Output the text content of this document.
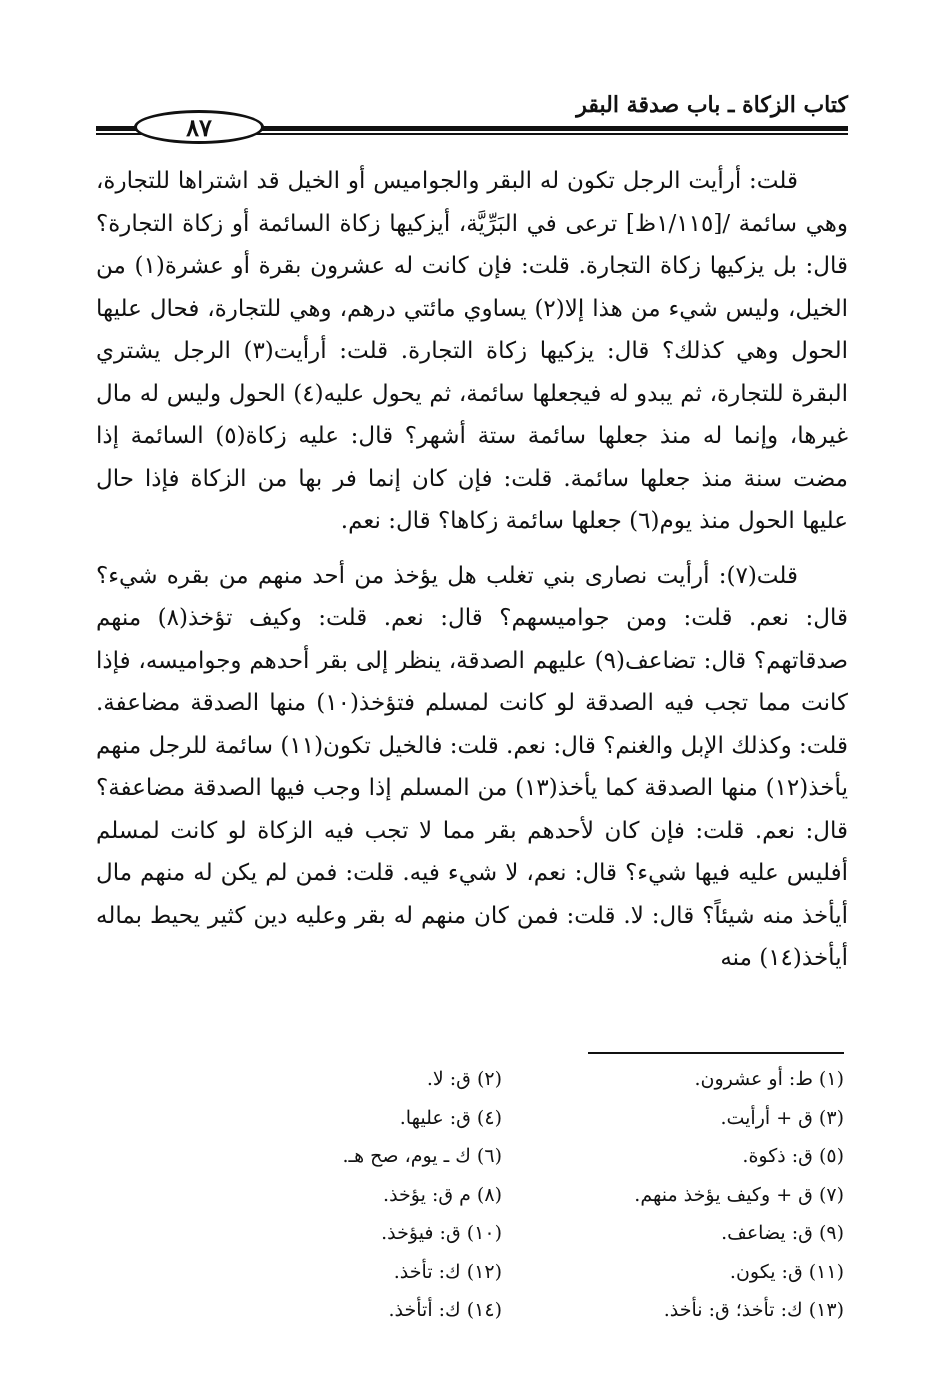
كتاب الزكاة ـ باب صدقة البقر
٨٧

قلت: أرأيت الرجل تكون له البقر والجواميس أو الخيل قد اشتراها للتجارة، وهي سائمة /[١/١١٥ظ] ترعى في البَرِّيَّة، أيزكيها زكاة السائمة أو زكاة التجارة؟ قال: بل يزكيها زكاة التجارة. قلت: فإن كانت له عشرون بقرة أو عشرة(١) من الخيل، وليس شيء من هذا إلا(٢) يساوي مائتي درهم، وهي للتجارة، فحال عليها الحول وهي كذلك؟ قال: يزكيها زكاة التجارة. قلت: أرأيت(٣) الرجل يشتري البقرة للتجارة، ثم يبدو له فيجعلها سائمة، ثم يحول عليه(٤) الحول وليس له مال غيرها، وإنما له منذ جعلها سائمة ستة أشهر؟ قال: عليه زكاة(٥) السائمة إذا مضت سنة منذ جعلها سائمة. قلت: فإن كان إنما فر بها من الزكاة فإذا حال عليها الحول منذ يوم(٦) جعلها سائمة زكاها؟ قال: نعم.

قلت(٧): أرأيت نصارى بني تغلب هل يؤخذ من أحد منهم من بقره شيء؟ قال: نعم. قلت: ومن جواميسهم؟ قال: نعم. قلت: وكيف تؤخذ(٨) منهم صدقاتهم؟ قال: تضاعف(٩) عليهم الصدقة، ينظر إلى بقر أحدهم وجواميسه، فإذا كانت مما تجب فيه الصدقة لو كانت لمسلم فتؤخذ(١٠) منها الصدقة مضاعفة. قلت: وكذلك الإبل والغنم؟ قال: نعم. قلت: فالخيل تكون(١١) سائمة للرجل منهم يأخذ(١٢) منها الصدقة كما يأخذ(١٣) من المسلم إذا وجب فيها الصدقة مضاعفة؟ قال: نعم. قلت: فإن كان لأحدهم بقر مما لا تجب فيه الزكاة لو كانت لمسلم أفليس عليه فيها شيء؟ قال: نعم، لا شيء فيه. قلت: فمن لم يكن له منهم مال أيأخذ منه شيئاً؟ قال: لا. قلت: فمن كان منهم له بقر وعليه دين كثير يحيط بماله أيأخذ(١٤) منه

(١) ط: أو عشرون.
(٢) ق: لا.
(٣) ق + أرأيت.
(٤) ق: عليها.
(٥) ق: ذكوة.
(٦) ك ـ يوم، صح هـ.
(٧) ق + وكيف يؤخذ منهم.
(٨) م ق: يؤخذ.
(٩) ق: يضاعف.
(١٠) ق: فيؤخذ.
(١١) ق: يكون.
(١٢) ك: تأخذ.
(١٣) ك: تأخذ؛ ق: نأخذ.
(١٤) ك: أتأخذ.
